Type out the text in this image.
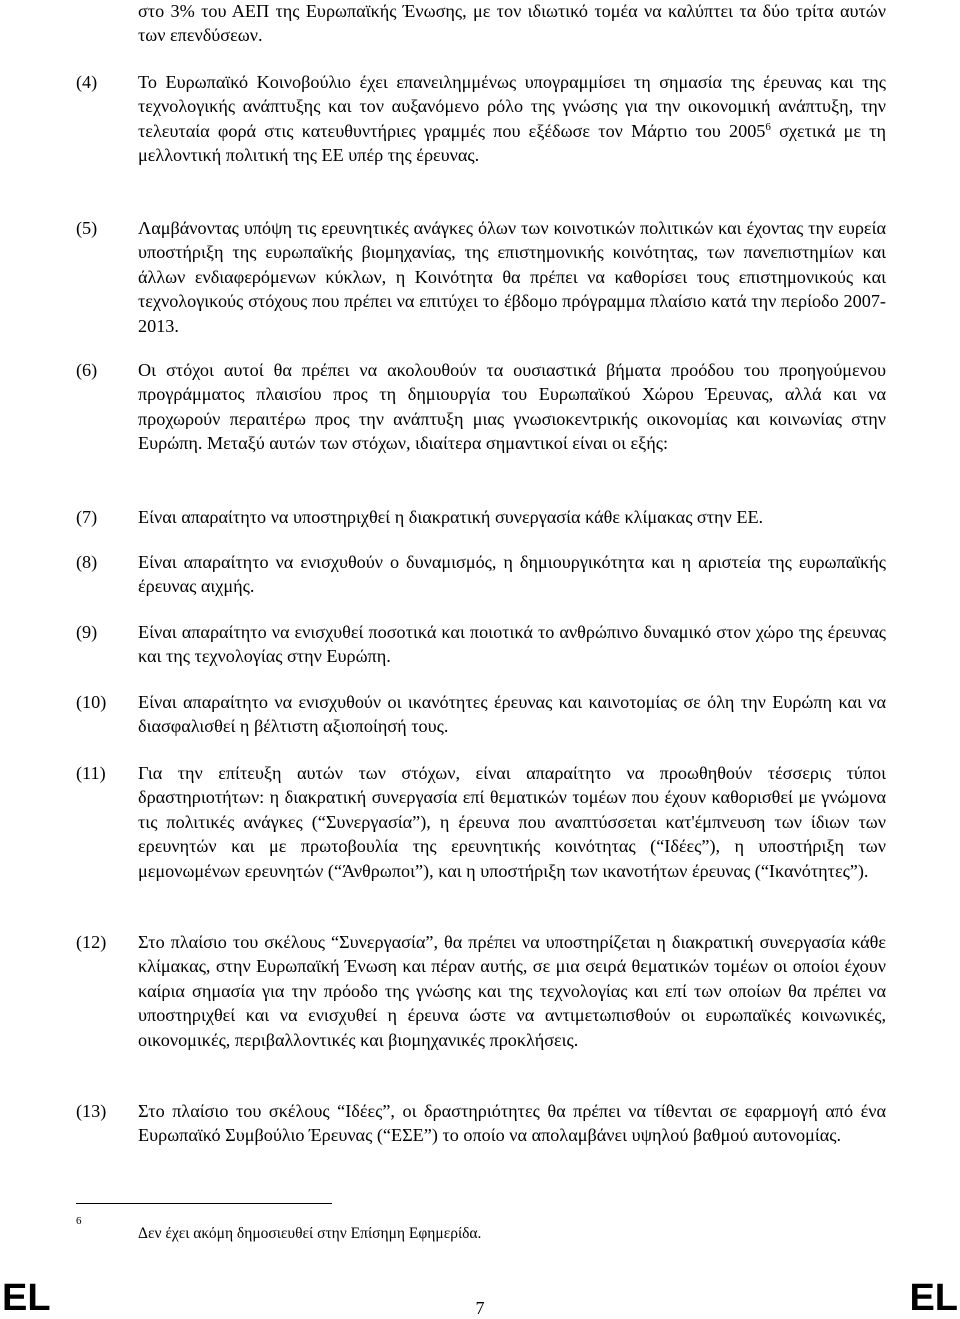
στο 3% του ΑΕΠ της Ευρωπαϊκής Ένωσης, με τον ιδιωτικό τομέα να καλύπτει τα δύο τρίτα αυτών των επενδύσεων.
(4) Το Ευρωπαϊκό Κοινοβούλιο έχει επανειλημμένως υπογραμμίσει τη σημασία της έρευνας και της τεχνολογικής ανάπτυξης και τον αυξανόμενο ρόλο της γνώσης για την οικονομική ανάπτυξη, την τελευταία φορά στις κατευθυντήριες γραμμές που εξέδωσε τον Μάρτιο του 2005$^6$ σχετικά με τη μελλοντική πολιτική της ΕΕ υπέρ της έρευνας.
(5) Λαμβάνοντας υπόψη τις ερευνητικές ανάγκες όλων των κοινοτικών πολιτικών και έχοντας την ευρεία υποστήριξη της ευρωπαϊκής βιομηχανίας, της επιστημονικής κοινότητας, των πανεπιστημίων και άλλων ενδιαφερόμενων κύκλων, η Κοινότητα θα πρέπει να καθορίσει τους επιστημονικούς και τεχνολογικούς στόχους που πρέπει να επιτύχει το έβδομο πρόγραμμα πλαίσιο κατά την περίοδο 2007-2013.
(6) Οι στόχοι αυτοί θα πρέπει να ακολουθούν τα ουσιαστικά βήματα προόδου του προηγούμενου προγράμματος πλαισίου προς τη δημιουργία του Ευρωπαϊκού Χώρου Έρευνας, αλλά και να προχωρούν περαιτέρω προς την ανάπτυξη μιας γνωσιοκεντρικής οικονομίας και κοινωνίας στην Ευρώπη. Μεταξύ αυτών των στόχων, ιδιαίτερα σημαντικοί είναι οι εξής:
(7) Είναι απαραίτητο να υποστηριχθεί η διακρατική συνεργασία κάθε κλίμακας στην ΕΕ.
(8) Είναι απαραίτητο να ενισχυθούν ο δυναμισμός, η δημιουργικότητα και η αριστεία της ευρωπαϊκής έρευνας αιχμής.
(9) Είναι απαραίτητο να ενισχυθεί ποσοτικά και ποιοτικά το ανθρώπινο δυναμικό στον χώρο της έρευνας και της τεχνολογίας στην Ευρώπη.
(10) Είναι απαραίτητο να ενισχυθούν οι ικανότητες έρευνας και καινοτομίας σε όλη την Ευρώπη και να διασφαλισθεί η βέλτιστη αξιοποίησή τους.
(11) Για την επίτευξη αυτών των στόχων, είναι απαραίτητο να προωθηθούν τέσσερις τύποι δραστηριοτήτων: η διακρατική συνεργασία επί θεματικών τομέων που έχουν καθορισθεί με γνώμονα τις πολιτικές ανάγκες (“Συνεργασία”), η έρευνα που αναπτύσσεται κατ'έμπνευση των ίδιων των ερευνητών και με πρωτοβουλία της ερευνητικής κοινότητας (“Ιδέες”), η υποστήριξη των μεμονωμένων ερευνητών (“Άνθρωποι”), και η υποστήριξη των ικανοτήτων έρευνας (“Ικανότητες”).
(12) Στο πλαίσιο του σκέλους “Συνεργασία”, θα πρέπει να υποστηρίζεται η διακρατική συνεργασία κάθε κλίμακας, στην Ευρωπαϊκή Ένωση και πέραν αυτής, σε μια σειρά θεματικών τομέων οι οποίοι έχουν καίρια σημασία για την πρόοδο της γνώσης και της τεχνολογίας και επί των οποίων θα πρέπει να υποστηριχθεί και να ενισχυθεί η έρευνα ώστε να αντιμετωπισθούν οι ευρωπαϊκές κοινωνικές, οικονομικές, περιβαλλοντικές και βιομηχανικές προκλήσεις.
(13) Στο πλαίσιο του σκέλους “Ιδέες”, οι δραστηριότητες θα πρέπει να τίθενται σε εφαρμογή από ένα Ευρωπαϊκό Συμβούλιο Έρευνας (“ΕΣΕ”) το οποίο να απολαμβάνει υψηλού βαθμού αυτονομίας.
6
Δεν έχει ακόμη δημοσιευθεί στην Επίσημη Εφημερίδα.
EL	7	EL
